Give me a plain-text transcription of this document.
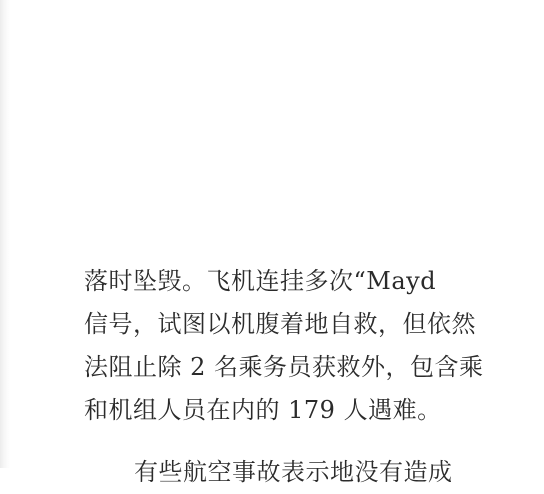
落时坠毁。飞机连挂多次“Mayd
信号，试图以机腹着地自救，但依然
法阻止除 2 名乘务员获救外，包含乘
和机组人员在内的 179 人遇难。
有些航空事故表示地没有造成
